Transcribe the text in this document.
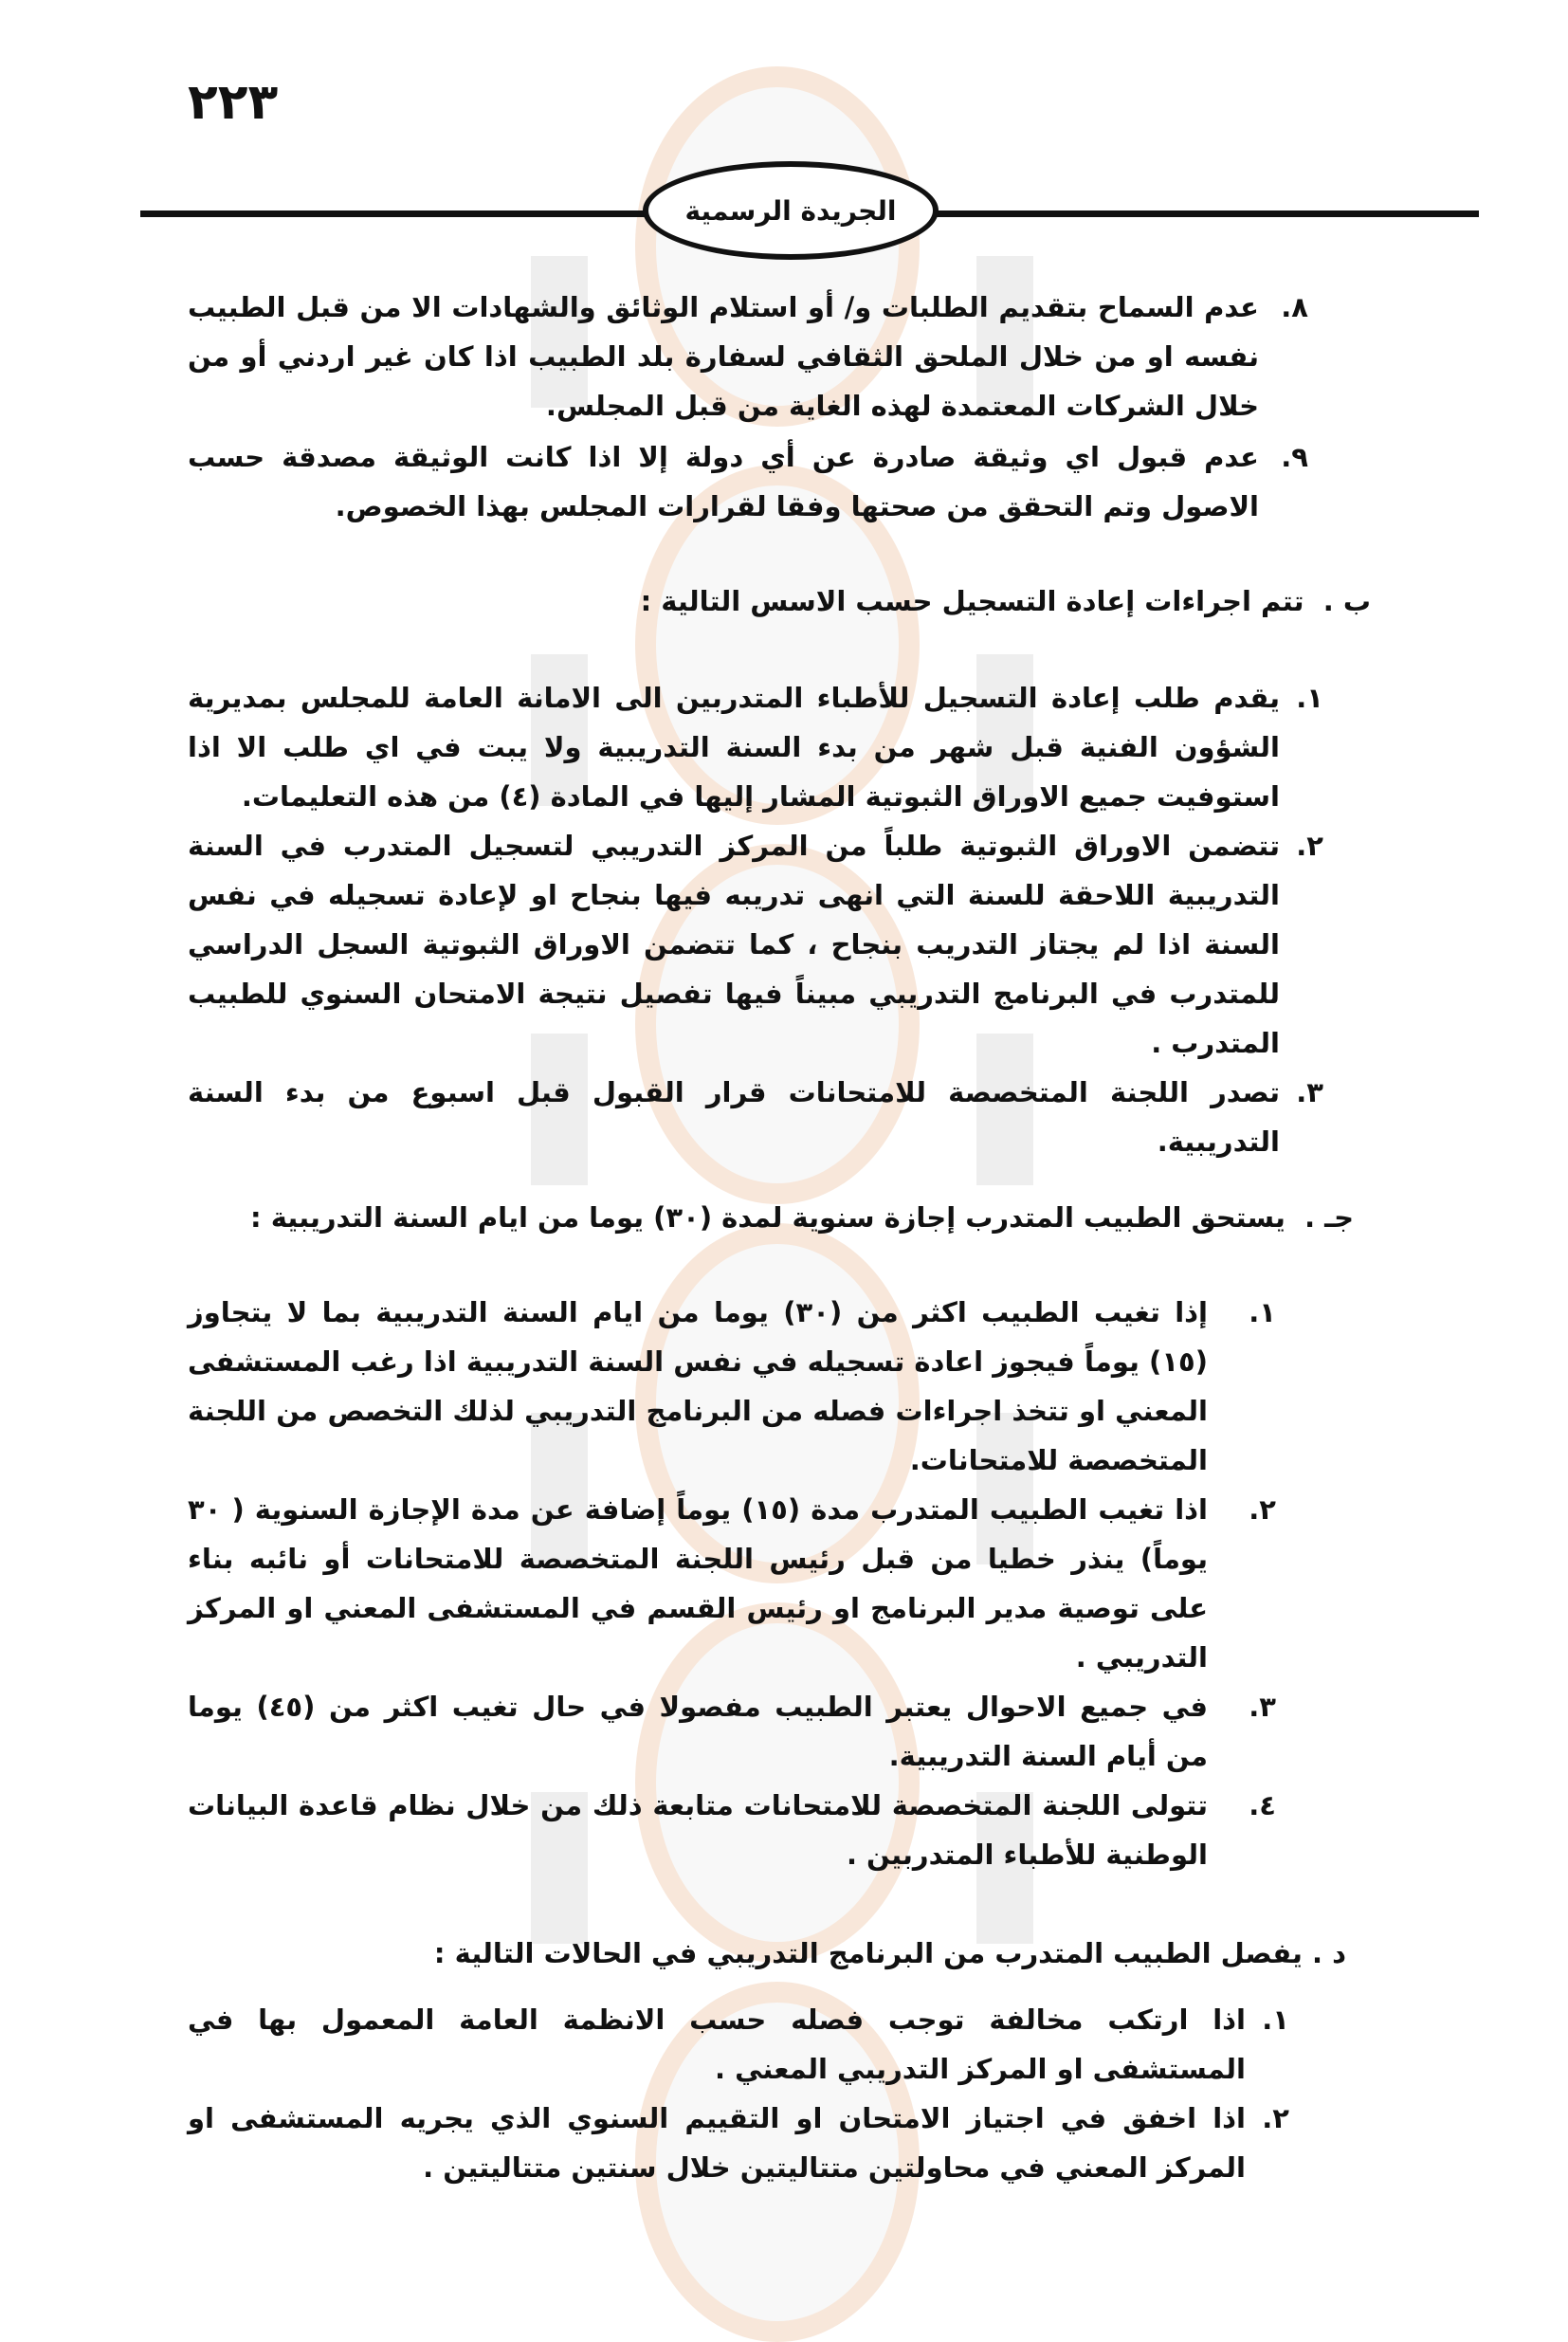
٢٢٣
الجريدة الرسمية
٨.
عدم السماح بتقديم الطلبات و/ أو استلام الوثائق والشهادات الا من قبل الطبيب نفسه او من خلال الملحق الثقافي لسفارة بلد الطبيب اذا كان غير اردني أو من خلال الشركات المعتمدة لهذه الغاية من قبل المجلس.
٩.
عدم قبول اي وثيقة صادرة عن أي دولة إلا اذا كانت الوثيقة مصدقة حسب الاصول وتم التحقق من صحتها وفقا لقرارات المجلس بهذا الخصوص.
ب .  تتم اجراءات إعادة التسجيل حسب الاسس التالية :
١.
يقدم طلب إعادة التسجيل للأطباء المتدربين الى الامانة العامة للمجلس بمديرية الشؤون الفنية قبل شهر من بدء السنة التدريبية ولا يبت في اي طلب الا اذا استوفيت جميع الاوراق الثبوتية المشار إليها في المادة (٤) من هذه التعليمات.
٢.
تتضمن الاوراق الثبوتية طلباً من المركز التدريبي لتسجيل المتدرب في السنة التدريبية اللاحقة للسنة التي انهى تدريبه فيها بنجاح او لإعادة تسجيله في نفس السنة اذا لم يجتاز التدريب بنجاح ، كما تتضمن الاوراق الثبوتية السجل الدراسي للمتدرب في البرنامج التدريبي مبيناً فيها تفصيل نتيجة الامتحان السنوي للطبيب المتدرب .
٣.
تصدر اللجنة المتخصصة للامتحانات قرار القبول قبل اسبوع من بدء السنة التدريبية.
جـ .  يستحق الطبيب المتدرب إجازة سنوية لمدة (٣٠) يوما من ايام السنة التدريبية :
١.
إذا تغيب الطبيب اكثر من (٣٠) يوما من ايام السنة التدريبية بما لا يتجاوز (١٥) يوماً فيجوز اعادة تسجيله في نفس السنة التدريبية اذا رغب المستشفى المعني او تتخذ اجراءات فصله من البرنامج التدريبي لذلك التخصص من اللجنة المتخصصة للامتحانات.
٢.
اذا تغيب الطبيب المتدرب مدة (١٥) يوماً إضافة عن مدة الإجازة السنوية ( ٣٠ يوماً) ينذر خطيا من قبل رئيس اللجنة المتخصصة للامتحانات أو نائبه بناء على توصية مدير البرنامج او رئيس القسم في المستشفى المعني او المركز التدريبي .
٣.
في جميع الاحوال يعتبر الطبيب مفصولا في حال تغيب اكثر من (٤٥) يوما من أيام السنة التدريبية.
٤.
تتولى اللجنة المتخصصة للامتحانات متابعة ذلك من خلال نظام قاعدة البيانات الوطنية للأطباء المتدربين .
د . يفصل الطبيب المتدرب من البرنامج التدريبي في الحالات التالية :
١.
اذا ارتكب مخالفة توجب فصله حسب الانظمة العامة المعمول بها في المستشفى او المركز التدريبي المعني .
٢.
اذا اخفق في اجتياز الامتحان او التقييم السنوي الذي يجريه المستشفى او المركز المعني في محاولتين متتاليتين خلال سنتين متتاليتين .
